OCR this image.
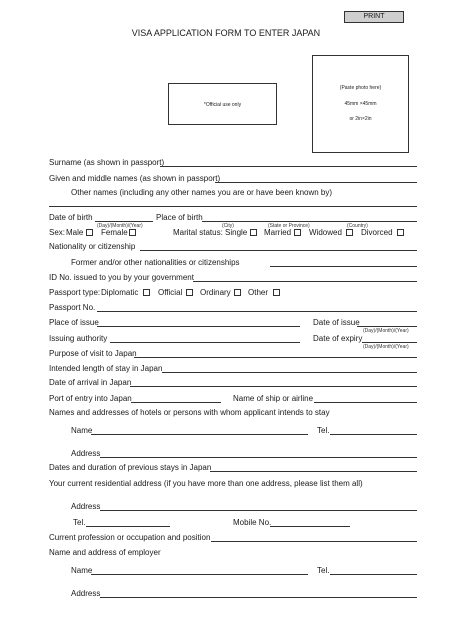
PRINT
VISA APPLICATION FORM TO ENTER JAPAN
*Official use only
(Paste photo here)
45mm ×45mm
or 2in×2in
Surname (as shown in passport)
Given and middle names (as shown in passport)
Other names (including any other names you are or have been known by)
Date of birth
(Day)/(Month)/(Year)
Place of birth
(City)	(State or Province)	(Country)
Sex: Male Female	Marital status: Single Married Widowed Divorced
Nationality or citizenship
Former and/or other nationalities or citizenships
ID No. issued to you by your government
Passport type: Diplomatic Official Ordinary Other
Passport No.
Place of issue	Date of issue
(Day)/(Month)/(Year)
Issuing authority	Date of expiry
(Day)/(Month)/(Year)
Purpose of visit to Japan
Intended length of stay in Japan
Date of arrival in Japan
Port of entry into Japan	Name of ship or airline
Names and addresses of hotels or persons with whom applicant intends to stay
Name	Tel.
Address
Dates and duration of previous stays in Japan
Your current residential address (if you have more than one address, please list them all)
Address
Tel.	Mobile No.
Current profession or occupation and position
Name and address of employer
Name	Tel.
Address
